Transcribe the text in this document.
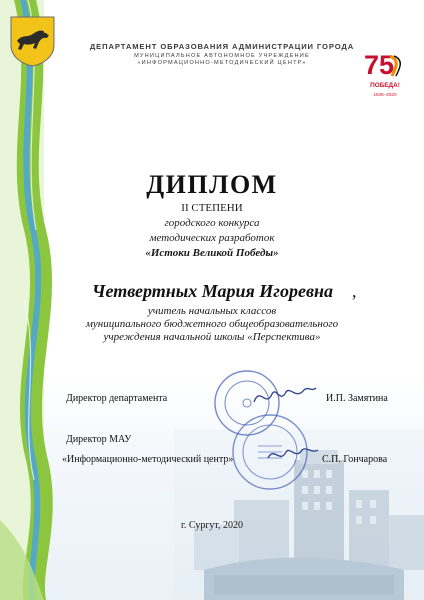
ДЕПАРТАМЕНТ ОБРАЗОВАНИЯ АДМИНИСТРАЦИИ ГОРОДА
МУНИЦИПАЛЬНОЕ АВТОНОМНОЕ УЧРЕЖДЕНИЕ
«ИНФОРМАЦИОННО-МЕТОДИЧЕСКИЙ ЦЕНТР»	75
ПОБЕДА!
1945–2020
ДИПЛОМ
II СТЕПЕНИ
городского конкурса
методических разработок
«Истоки Великой Победы»
Четвертных Мария Игоревна ,
учитель начальных классов
муниципального бюджетного общеобразовательного
учреждения начальной школы «Перспектива»
Директор департамента	И.П. Замятина
Директор МАУ
«Информационно-методический центр»	С.П. Гончарова
г. Сургут, 2020
